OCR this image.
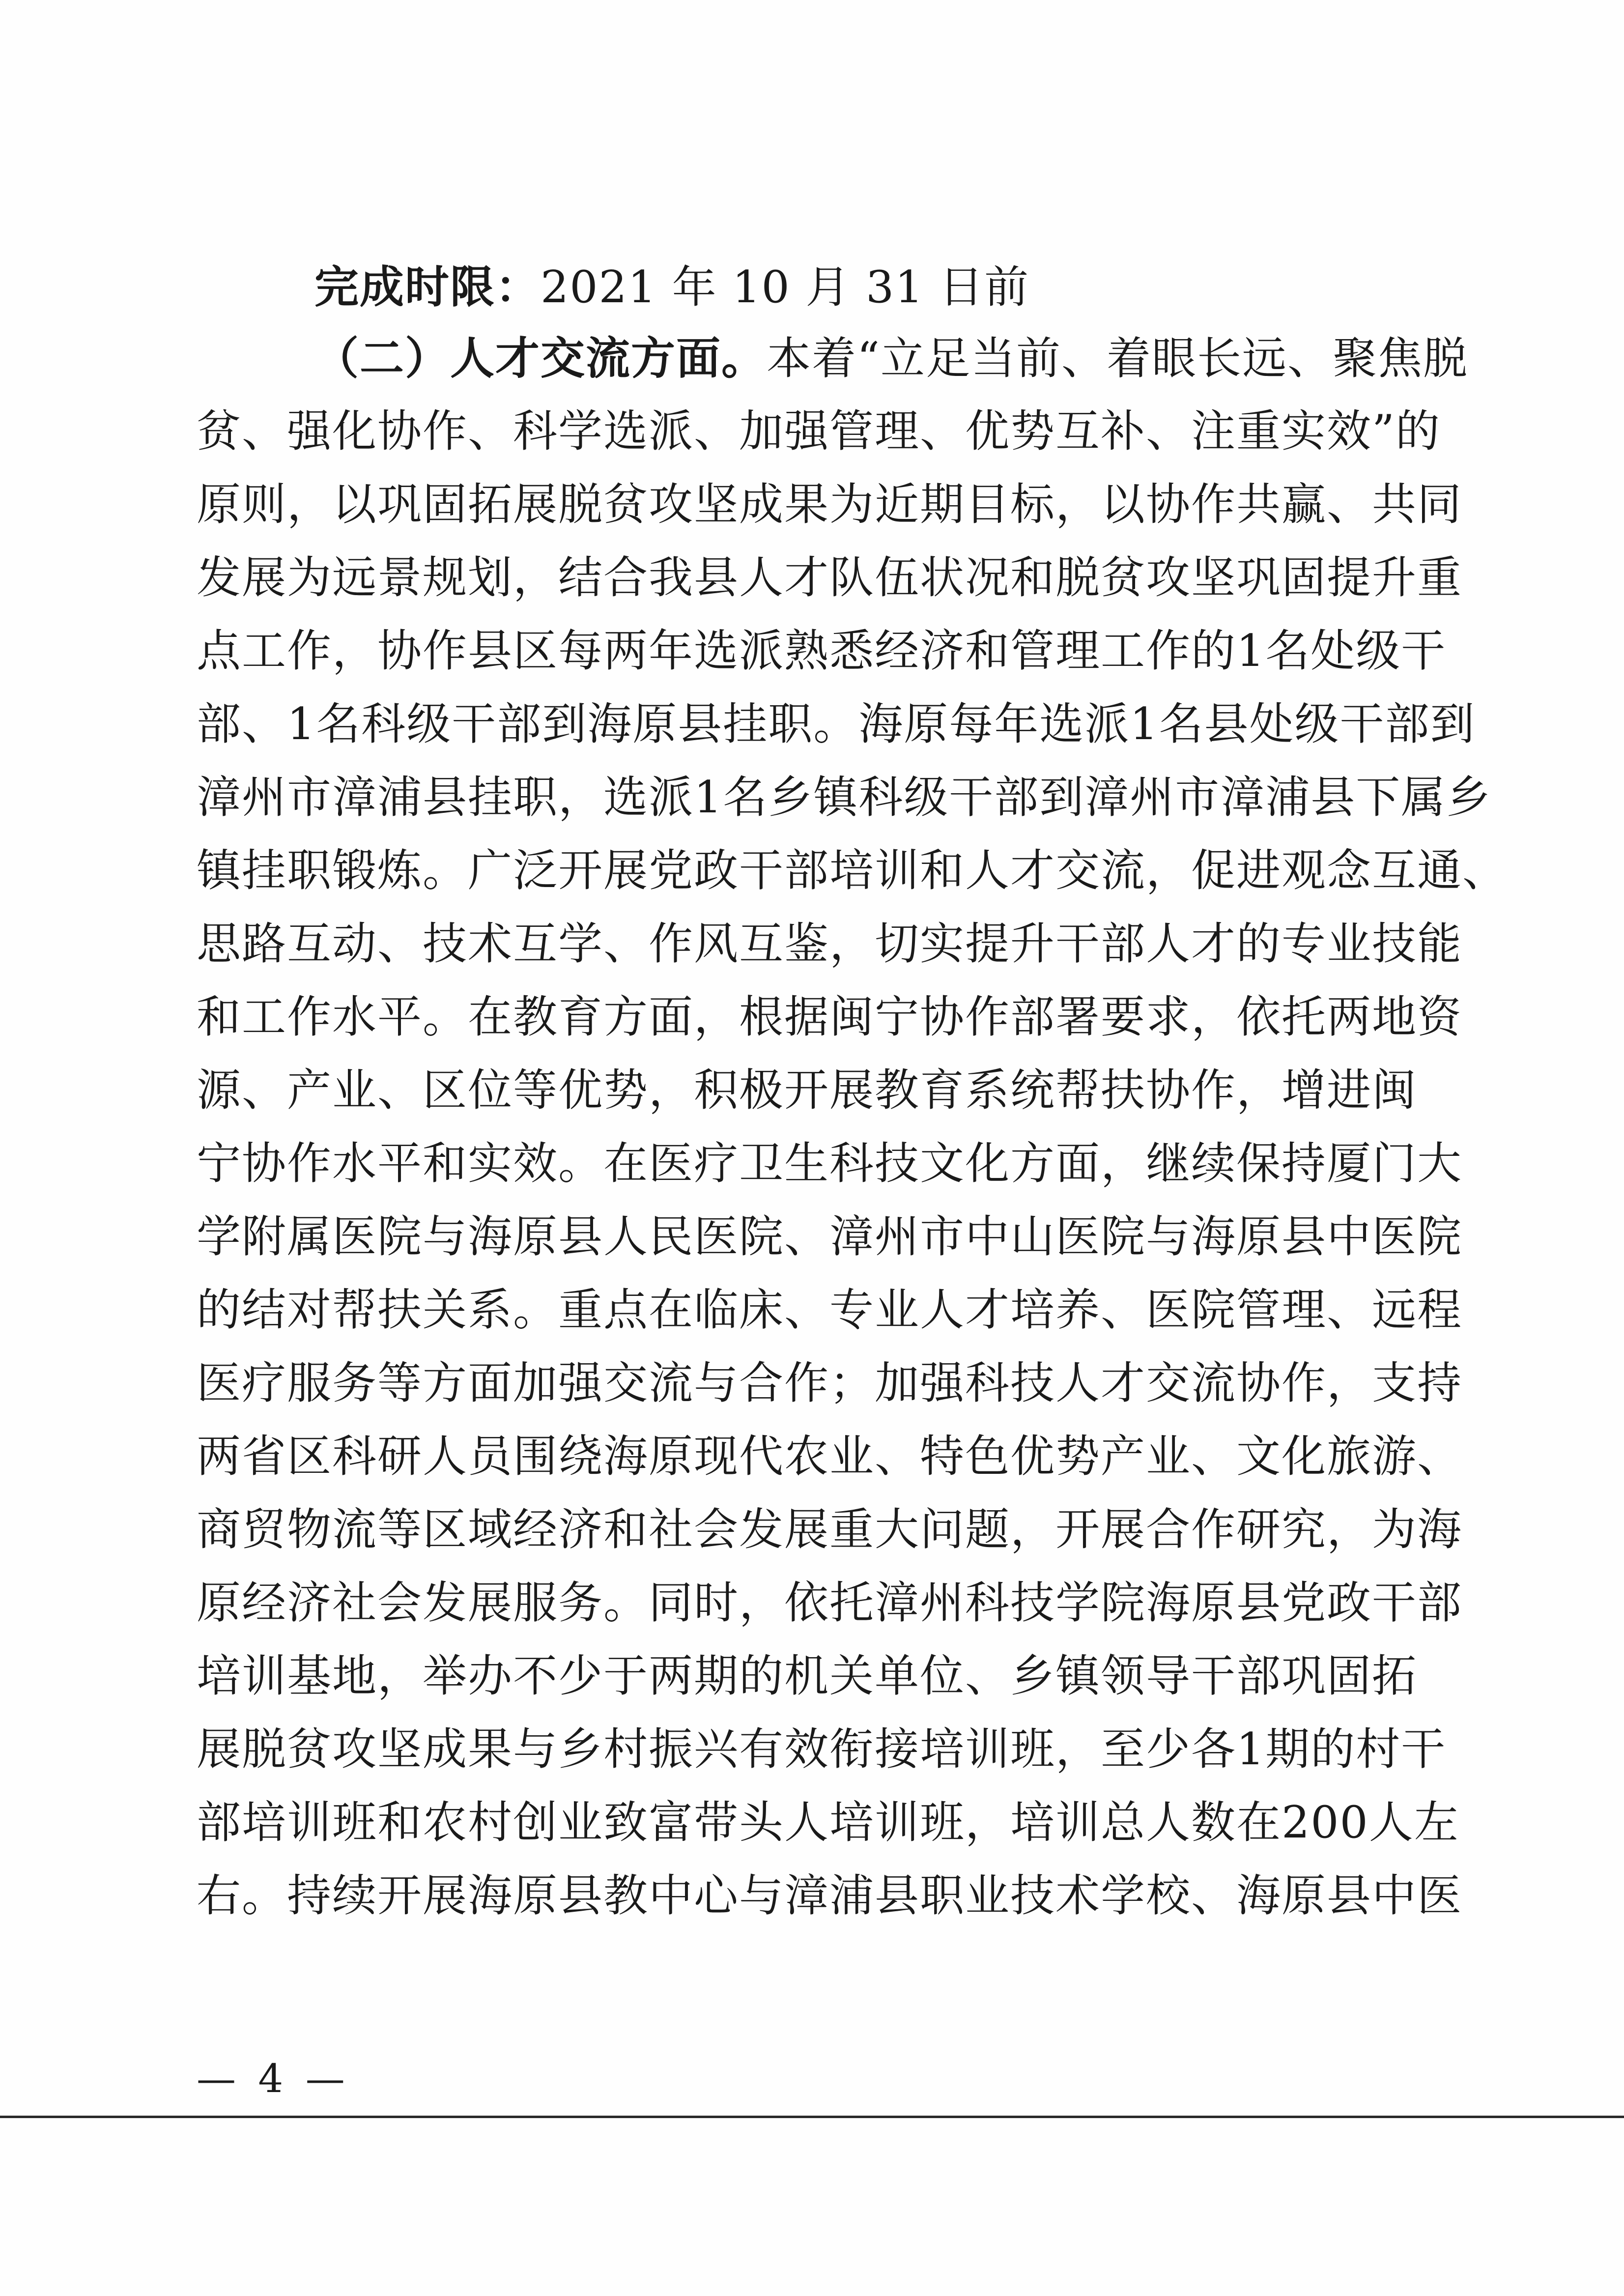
完成时限：2021 年 10 月 31 日前
（二）人才交流方面。本着“立足当前、着眼长远、聚焦脱
贫、强化协作、科学选派、加强管理、优势互补、注重实效”的
原则，以巩固拓展脱贫攻坚成果为近期目标，以协作共赢、共同
发展为远景规划，结合我县人才队伍状况和脱贫攻坚巩固提升重
点工作，协作县区每两年选派熟悉经济和管理工作的1名处级干
部、1名科级干部到海原县挂职。海原每年选派1名县处级干部到
漳州市漳浦县挂职，选派1名乡镇科级干部到漳州市漳浦县下属乡
镇挂职锻炼。广泛开展党政干部培训和人才交流，促进观念互通、
思路互动、技术互学、作风互鉴，切实提升干部人才的专业技能
和工作水平。在教育方面，根据闽宁协作部署要求，依托两地资
源、产业、区位等优势，积极开展教育系统帮扶协作，增进闽
宁协作水平和实效。在医疗卫生科技文化方面，继续保持厦门大
学附属医院与海原县人民医院、漳州市中山医院与海原县中医院
的结对帮扶关系。重点在临床、专业人才培养、医院管理、远程
医疗服务等方面加强交流与合作；加强科技人才交流协作，支持
两省区科研人员围绕海原现代农业、特色优势产业、文化旅游、
商贸物流等区域经济和社会发展重大问题，开展合作研究，为海
原经济社会发展服务。同时，依托漳州科技学院海原县党政干部
培训基地，举办不少于两期的机关单位、乡镇领导干部巩固拓
展脱贫攻坚成果与乡村振兴有效衔接培训班，至少各1期的村干
部培训班和农村创业致富带头人培训班，培训总人数在200人左
右。持续开展海原县教中心与漳浦县职业技术学校、海原县中医
— 4 —
